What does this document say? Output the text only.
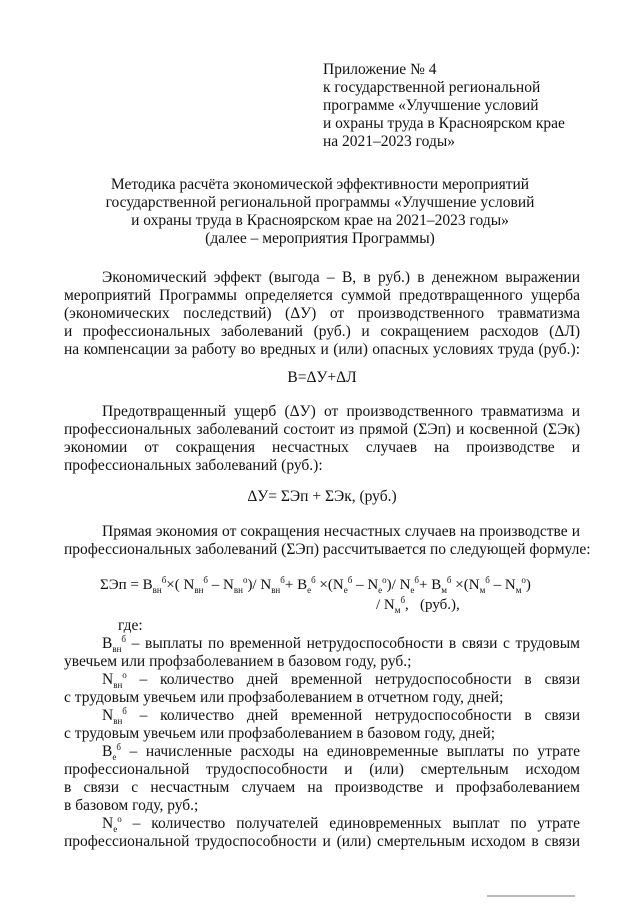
Приложение № 4
к государственной региональной
программе «Улучшение условий
и охраны труда в Красноярском крае
на 2021–2023 годы»
Методика расчёта экономической эффективности мероприятий
государственной региональной программы «Улучшение условий
и охраны труда в Красноярском крае на 2021–2023 годы»
(далее – мероприятия Программы)
Экономический эффект (выгода – В, в руб.) в денежном выражении
мероприятий Программы определяется суммой предотвращенного ущерба
(экономических последствий) (ΔУ) от производственного травматизма
и профессиональных заболеваний (руб.) и сокращением расходов (ΔЛ)
на компенсации за работу во вредных и (или) опасных условиях труда (руб.):
В=ΔУ+ΔЛ
Предотвращенный ущерб (ΔУ) от производственного травматизма и
профессиональных заболеваний состоит из прямой (ΣЭп) и косвенной (ΣЭк)
экономии от сокращения несчастных случаев на производстве и
профессиональных заболеваний (руб.):
ΔУ= ΣЭп + ΣЭк, (руб.)
Прямая экономия от сокращения несчастных случаев на производстве и
профессиональных заболеваний (ΣЭп) рассчитывается по следующей формуле:
$\Sigma Эп = B_{вн}^б\times$( $N_{вн}^б - N_{вн}^о)/$ $N_{вн}^б+ В_е^б \times(N_е^б - N_е^о)/$ $N_е^б+ В_м^б \times(N_м^б - N_м^о)$
/ $N_м^б$,   (руб.),
где:
$B_{вн}^б$ – выплаты по временной нетрудоспособности в связи с трудовым
увечьем или профзаболеванием в базовом году, руб.;
$N_{вн}^о$ – количество дней временной нетрудоспособности в связи
с трудовым увечьем или профзаболеванием в отчетном году, дней;
$N_{вн}^б$ – количество дней временной нетрудоспособности в связи
с трудовым увечьем или профзаболеванием в базовом году, дней;
$В_е^б$ – начисленные расходы на единовременные выплаты по утрате
профессиональной трудоспособности и (или) смертельным исходом
в связи с несчастным случаем на производстве и профзаболеванием
в базовом году, руб.;
$N_е^о$ – количество получателей единовременных выплат по утрате
профессиональной трудоспособности и (или) смертельным исходом в связи
